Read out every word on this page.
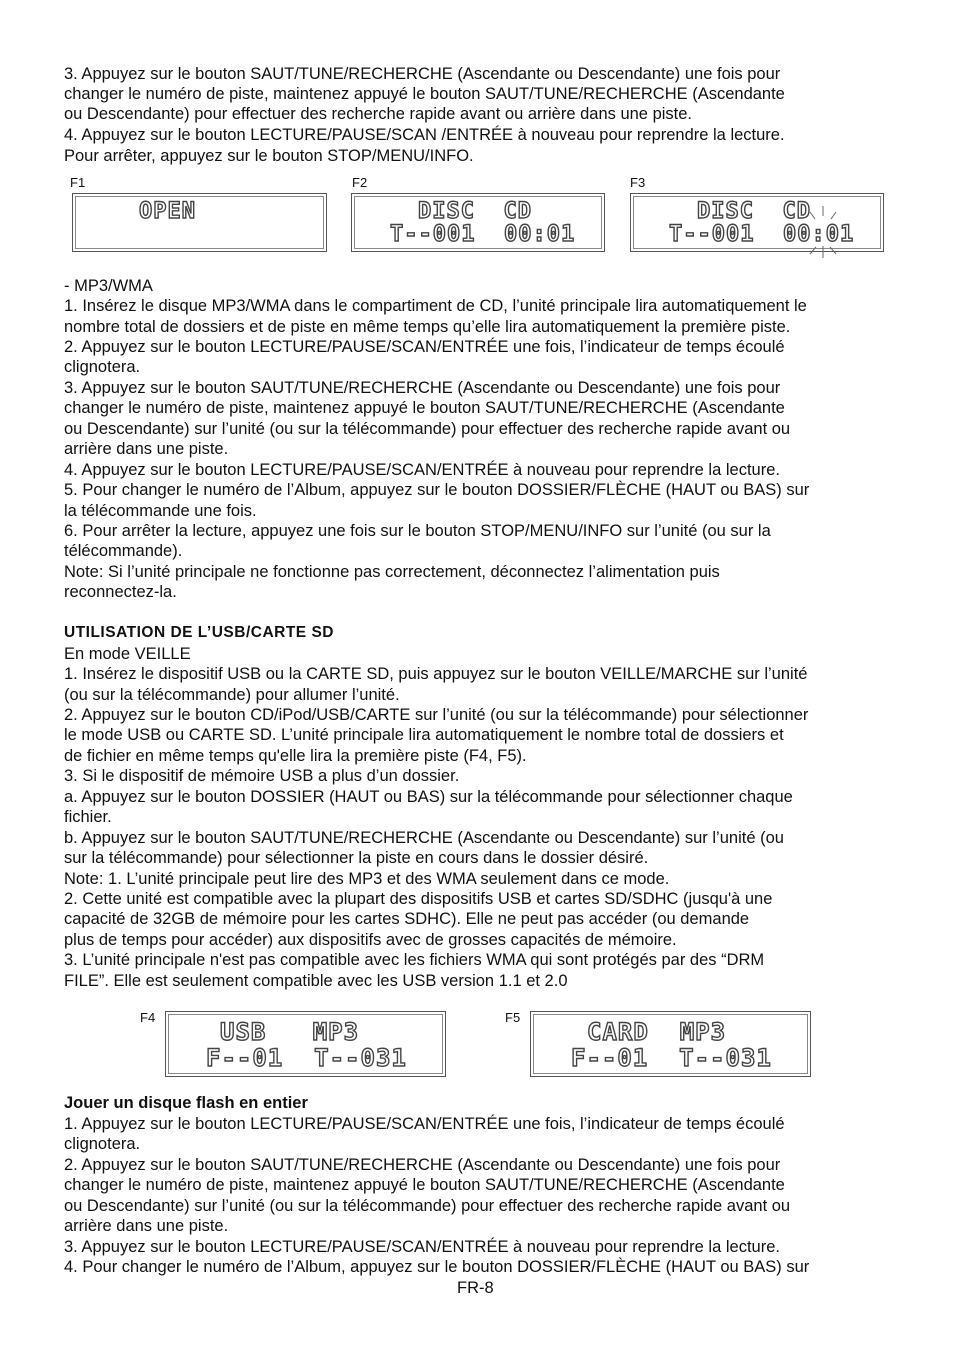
3. Appuyez sur le bouton SAUT/TUNE/RECHERCHE (Ascendante ou Descendante) une fois pour
changer le numéro de piste, maintenez appuyé le bouton SAUT/TUNE/RECHERCHE (Ascendante
ou Descendante) pour effectuer des recherche rapide avant ou arrière dans une piste.
4. Appuyez sur le bouton LECTURE/PAUSE/SCAN /ENTRÉE à nouveau pour reprendre la lecture.
Pour arrêter, appuyez sur le bouton STOP/MENU/INFO.
F1
OPEN
F2
DISC  CD
T--001  00:01
F3
DISC  CD
T--001  00:01
- MP3/WMA
1. Insérez le disque MP3/WMA dans le compartiment de CD, l’unité principale lira automatiquement le
nombre total de dossiers et de piste en même temps qu’elle lira automatiquement la première piste.
2. Appuyez sur le bouton LECTURE/PAUSE/SCAN/ENTRÉE une fois, l’indicateur de temps écoulé
clignotera.
3. Appuyez sur le bouton SAUT/TUNE/RECHERCHE (Ascendante ou Descendante) une fois pour
changer le numéro de piste, maintenez appuyé le bouton SAUT/TUNE/RECHERCHE (Ascendante
ou Descendante) sur l’unité (ou sur la télécommande) pour effectuer des recherche rapide avant ou
arrière dans une piste.
4. Appuyez sur le bouton LECTURE/PAUSE/SCAN/ENTRÉE à nouveau pour reprendre la lecture.
5. Pour changer le numéro de l’Album, appuyez sur le bouton DOSSIER/FLÈCHE (HAUT ou BAS) sur
la télécommande une fois.
6. Pour arrêter la lecture, appuyez une fois sur le bouton STOP/MENU/INFO sur l’unité (ou sur la
télécommande).
Note: Si l’unité principale ne fonctionne pas correctement, déconnectez l’alimentation puis
reconnectez-la.
UTILISATION DE L’USB/CARTE SD
En mode VEILLE
1. Insérez le dispositif USB ou la CARTE SD, puis appuyez sur le bouton VEILLE/MARCHE sur l’unité
(ou sur la télécommande) pour allumer l’unité.
2. Appuyez sur le bouton CD/iPod/USB/CARTE sur l’unité (ou sur la télécommande) pour sélectionner
le mode USB ou CARTE SD. L’unité principale lira automatiquement le nombre total de dossiers et
de fichier en même temps qu'elle lira la première piste (F4, F5).
3. Si le dispositif de mémoire USB a plus d’un dossier.
a. Appuyez sur le bouton DOSSIER (HAUT ou BAS) sur la télécommande pour sélectionner chaque
fichier.
b. Appuyez sur le bouton SAUT/TUNE/RECHERCHE (Ascendante ou Descendante) sur l’unité (ou
sur la télécommande) pour sélectionner la piste en cours dans le dossier désiré.
Note: 1. L’unité principale peut lire des MP3 et des WMA seulement dans ce mode.
2. Cette unité est compatible avec la plupart des dispositifs USB et cartes SD/SDHC (jusqu'à une
capacité de 32GB de mémoire pour les cartes SDHC). Elle ne peut pas accéder (ou demande
plus de temps pour accéder) aux dispositifs avec de grosses capacités de mémoire.
3. L’unité principale n'est pas compatible avec les fichiers WMA qui sont protégés par des “DRM
FILE”. Elle est seulement compatible avec les USB version 1.1 et 2.0
F4
USB   MP3
F--01  T--031
F5
CARD  MP3
F--01  T--031
Jouer un disque flash en entier
1. Appuyez sur le bouton LECTURE/PAUSE/SCAN/ENTRÉE une fois, l’indicateur de temps écoulé
clignotera.
2. Appuyez sur le bouton SAUT/TUNE/RECHERCHE (Ascendante ou Descendante) une fois pour
changer le numéro de piste, maintenez appuyé le bouton SAUT/TUNE/RECHERCHE (Ascendante
ou Descendante) sur l’unité (ou sur la télécommande) pour effectuer des recherche rapide avant ou
arrière dans une piste.
3. Appuyez sur le bouton LECTURE/PAUSE/SCAN/ENTRÉE à nouveau pour reprendre la lecture.
4. Pour changer le numéro de l’Album, appuyez sur le bouton DOSSIER/FLÈCHE (HAUT ou BAS) sur
FR-8
